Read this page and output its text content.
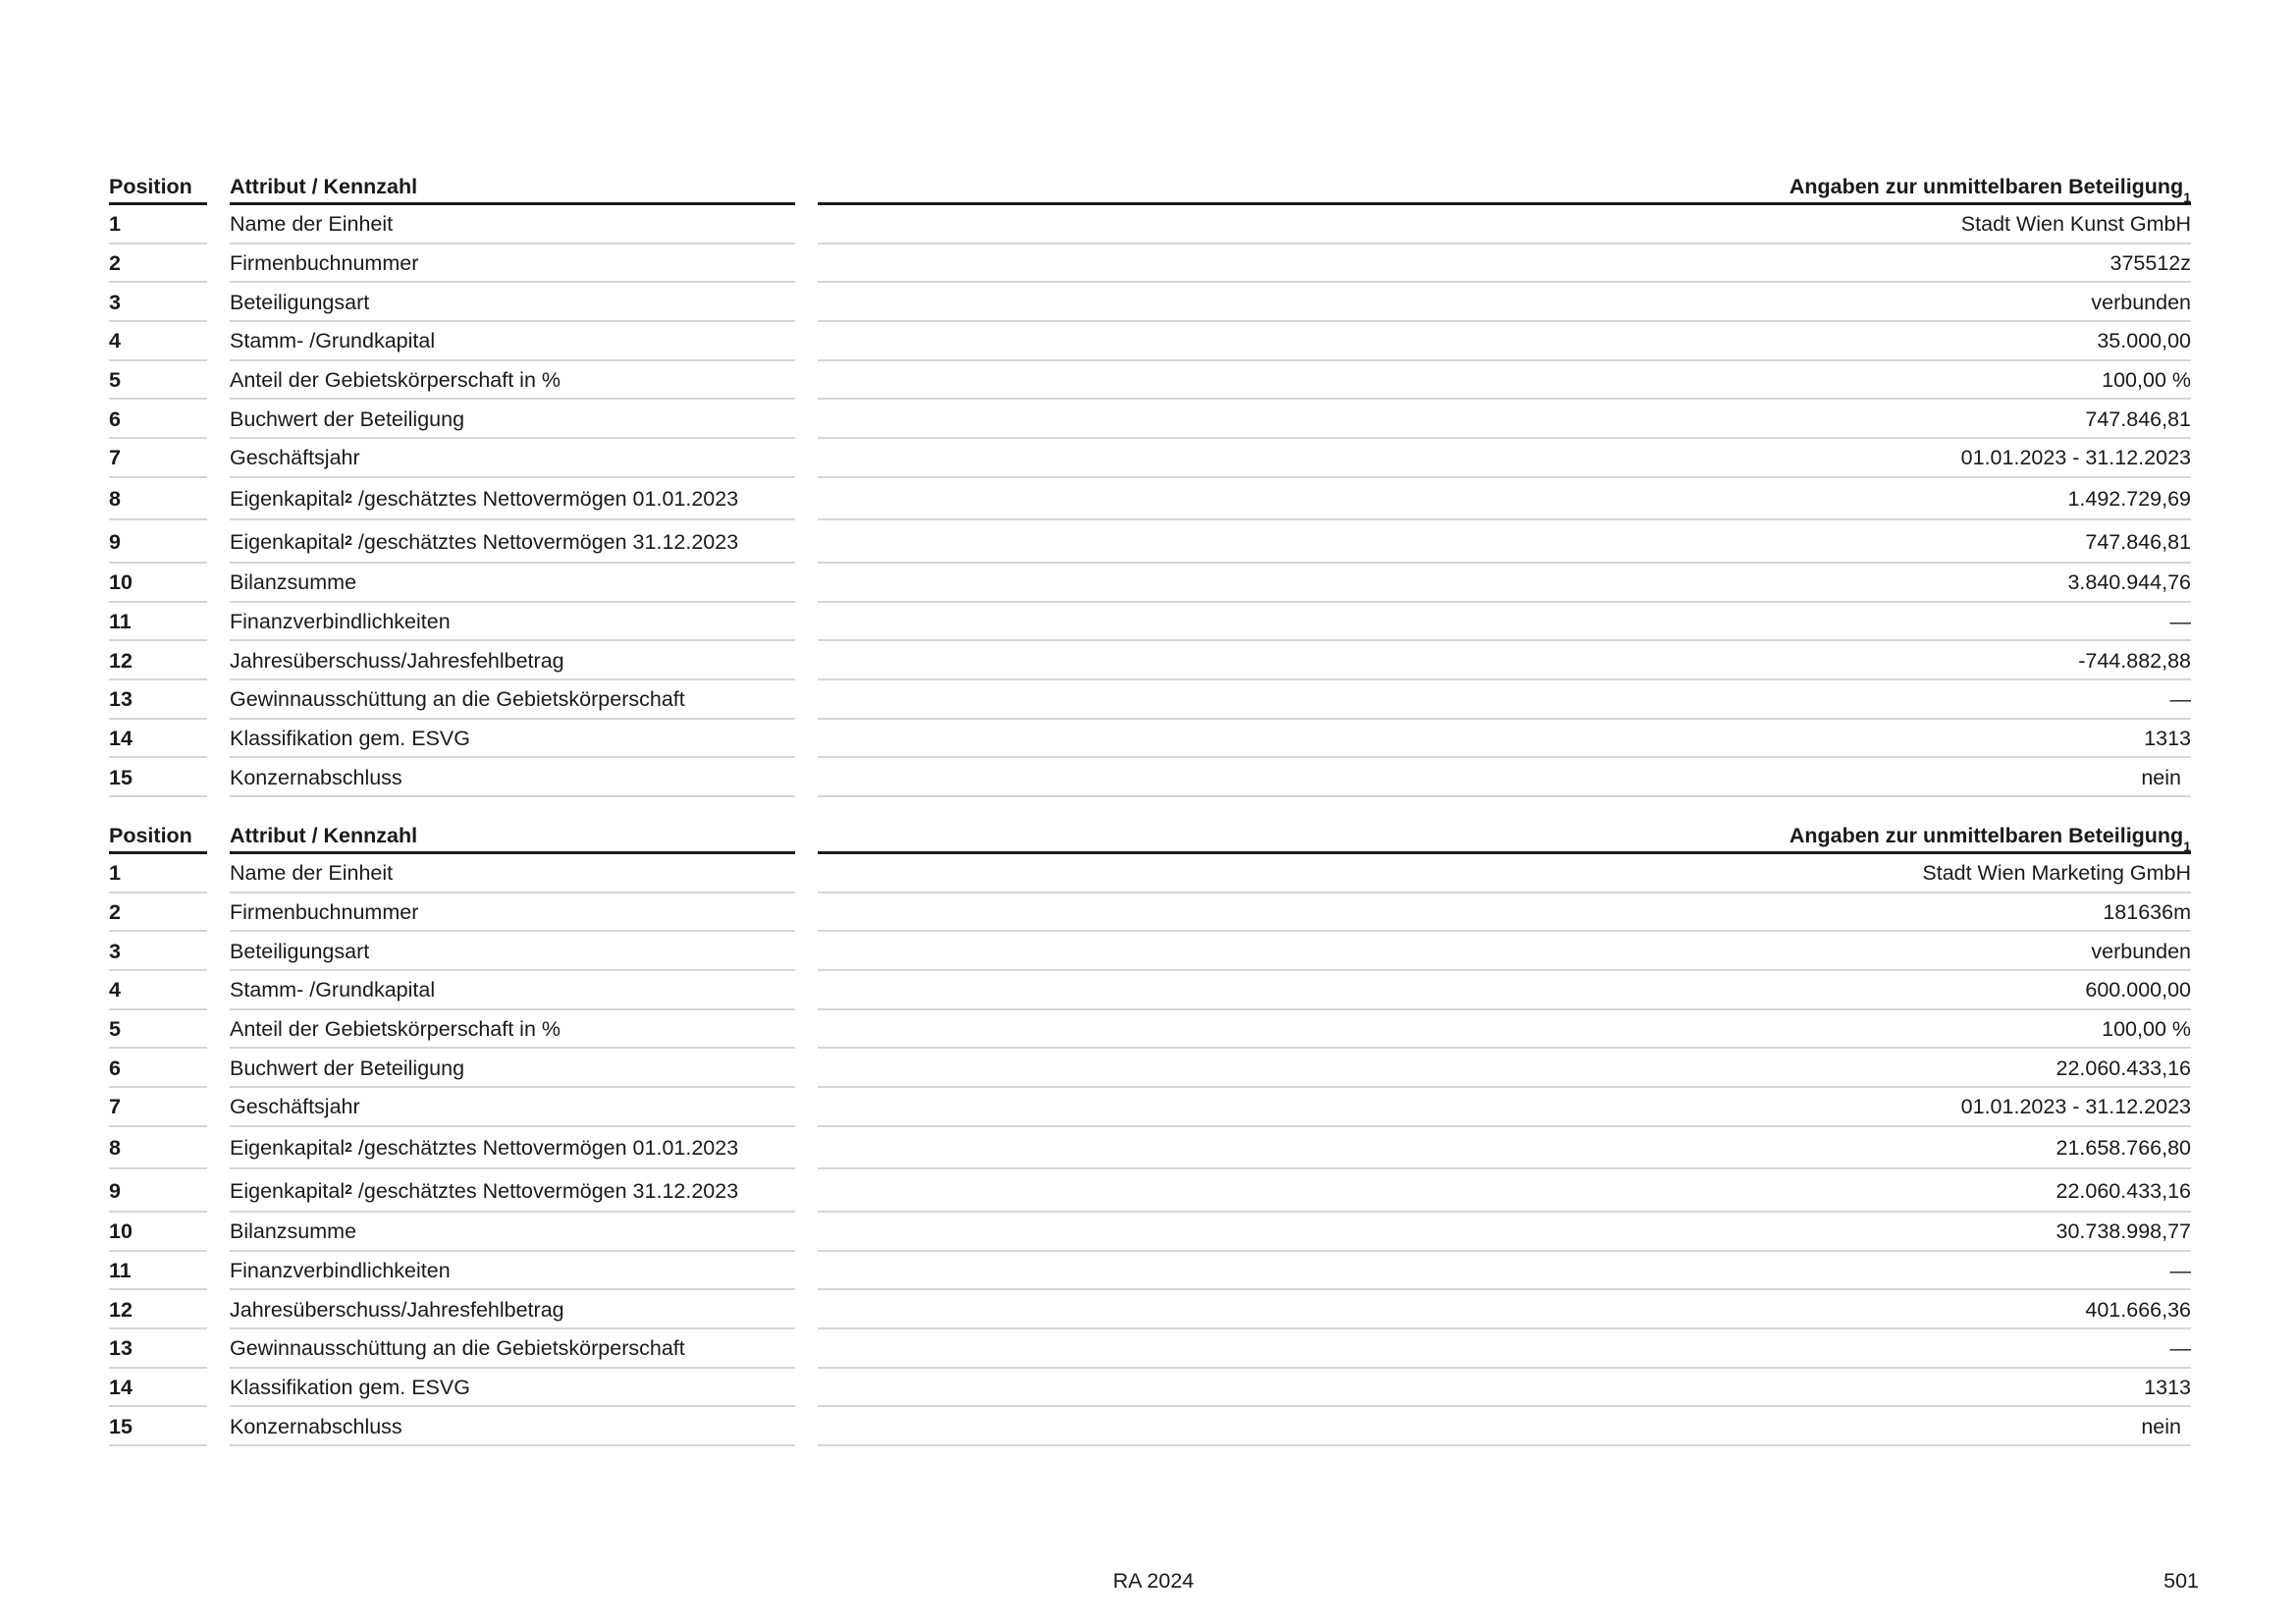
Position	Attribut / Kennzahl	Angaben zur unmittelbaren Beteiligung$^1$
1	Name der Einheit	Stadt Wien Kunst GmbH
2	Firmenbuchnummer	375512z
3	Beteiligungsart	verbunden
4	Stamm- /Grundkapital	35.000,00
5	Anteil der Gebietskörperschaft in %	100,00 %
6	Buchwert der Beteiligung	747.846,81
7	Geschäftsjahr	01.01.2023 - 31.12.2023
8	Eigenkapital$^2$ /geschätztes Nettovermögen 01.01.2023	1.492.729,69
9	Eigenkapital$^2$ /geschätztes Nettovermögen 31.12.2023	747.846,81
10	Bilanzsumme	3.840.944,76
11	Finanzverbindlichkeiten	—
12	Jahresüberschuss/Jahresfehlbetrag	-744.882,88
13	Gewinnausschüttung an die Gebietskörperschaft	—
14	Klassifikation gem. ESVG	1313
15	Konzernabschluss	nein
Position	Attribut / Kennzahl	Angaben zur unmittelbaren Beteiligung$^1$
1	Name der Einheit	Stadt Wien Marketing GmbH
2	Firmenbuchnummer	181636m
3	Beteiligungsart	verbunden
4	Stamm- /Grundkapital	600.000,00
5	Anteil der Gebietskörperschaft in %	100,00 %
6	Buchwert der Beteiligung	22.060.433,16
7	Geschäftsjahr	01.01.2023 - 31.12.2023
8	Eigenkapital$^2$ /geschätztes Nettovermögen 01.01.2023	21.658.766,80
9	Eigenkapital$^2$ /geschätztes Nettovermögen 31.12.2023	22.060.433,16
10	Bilanzsumme	30.738.998,77
11	Finanzverbindlichkeiten	—
12	Jahresüberschuss/Jahresfehlbetrag	401.666,36
13	Gewinnausschüttung an die Gebietskörperschaft	—
14	Klassifikation gem. ESVG	1313
15	Konzernabschluss	nein
RA 2024	501
